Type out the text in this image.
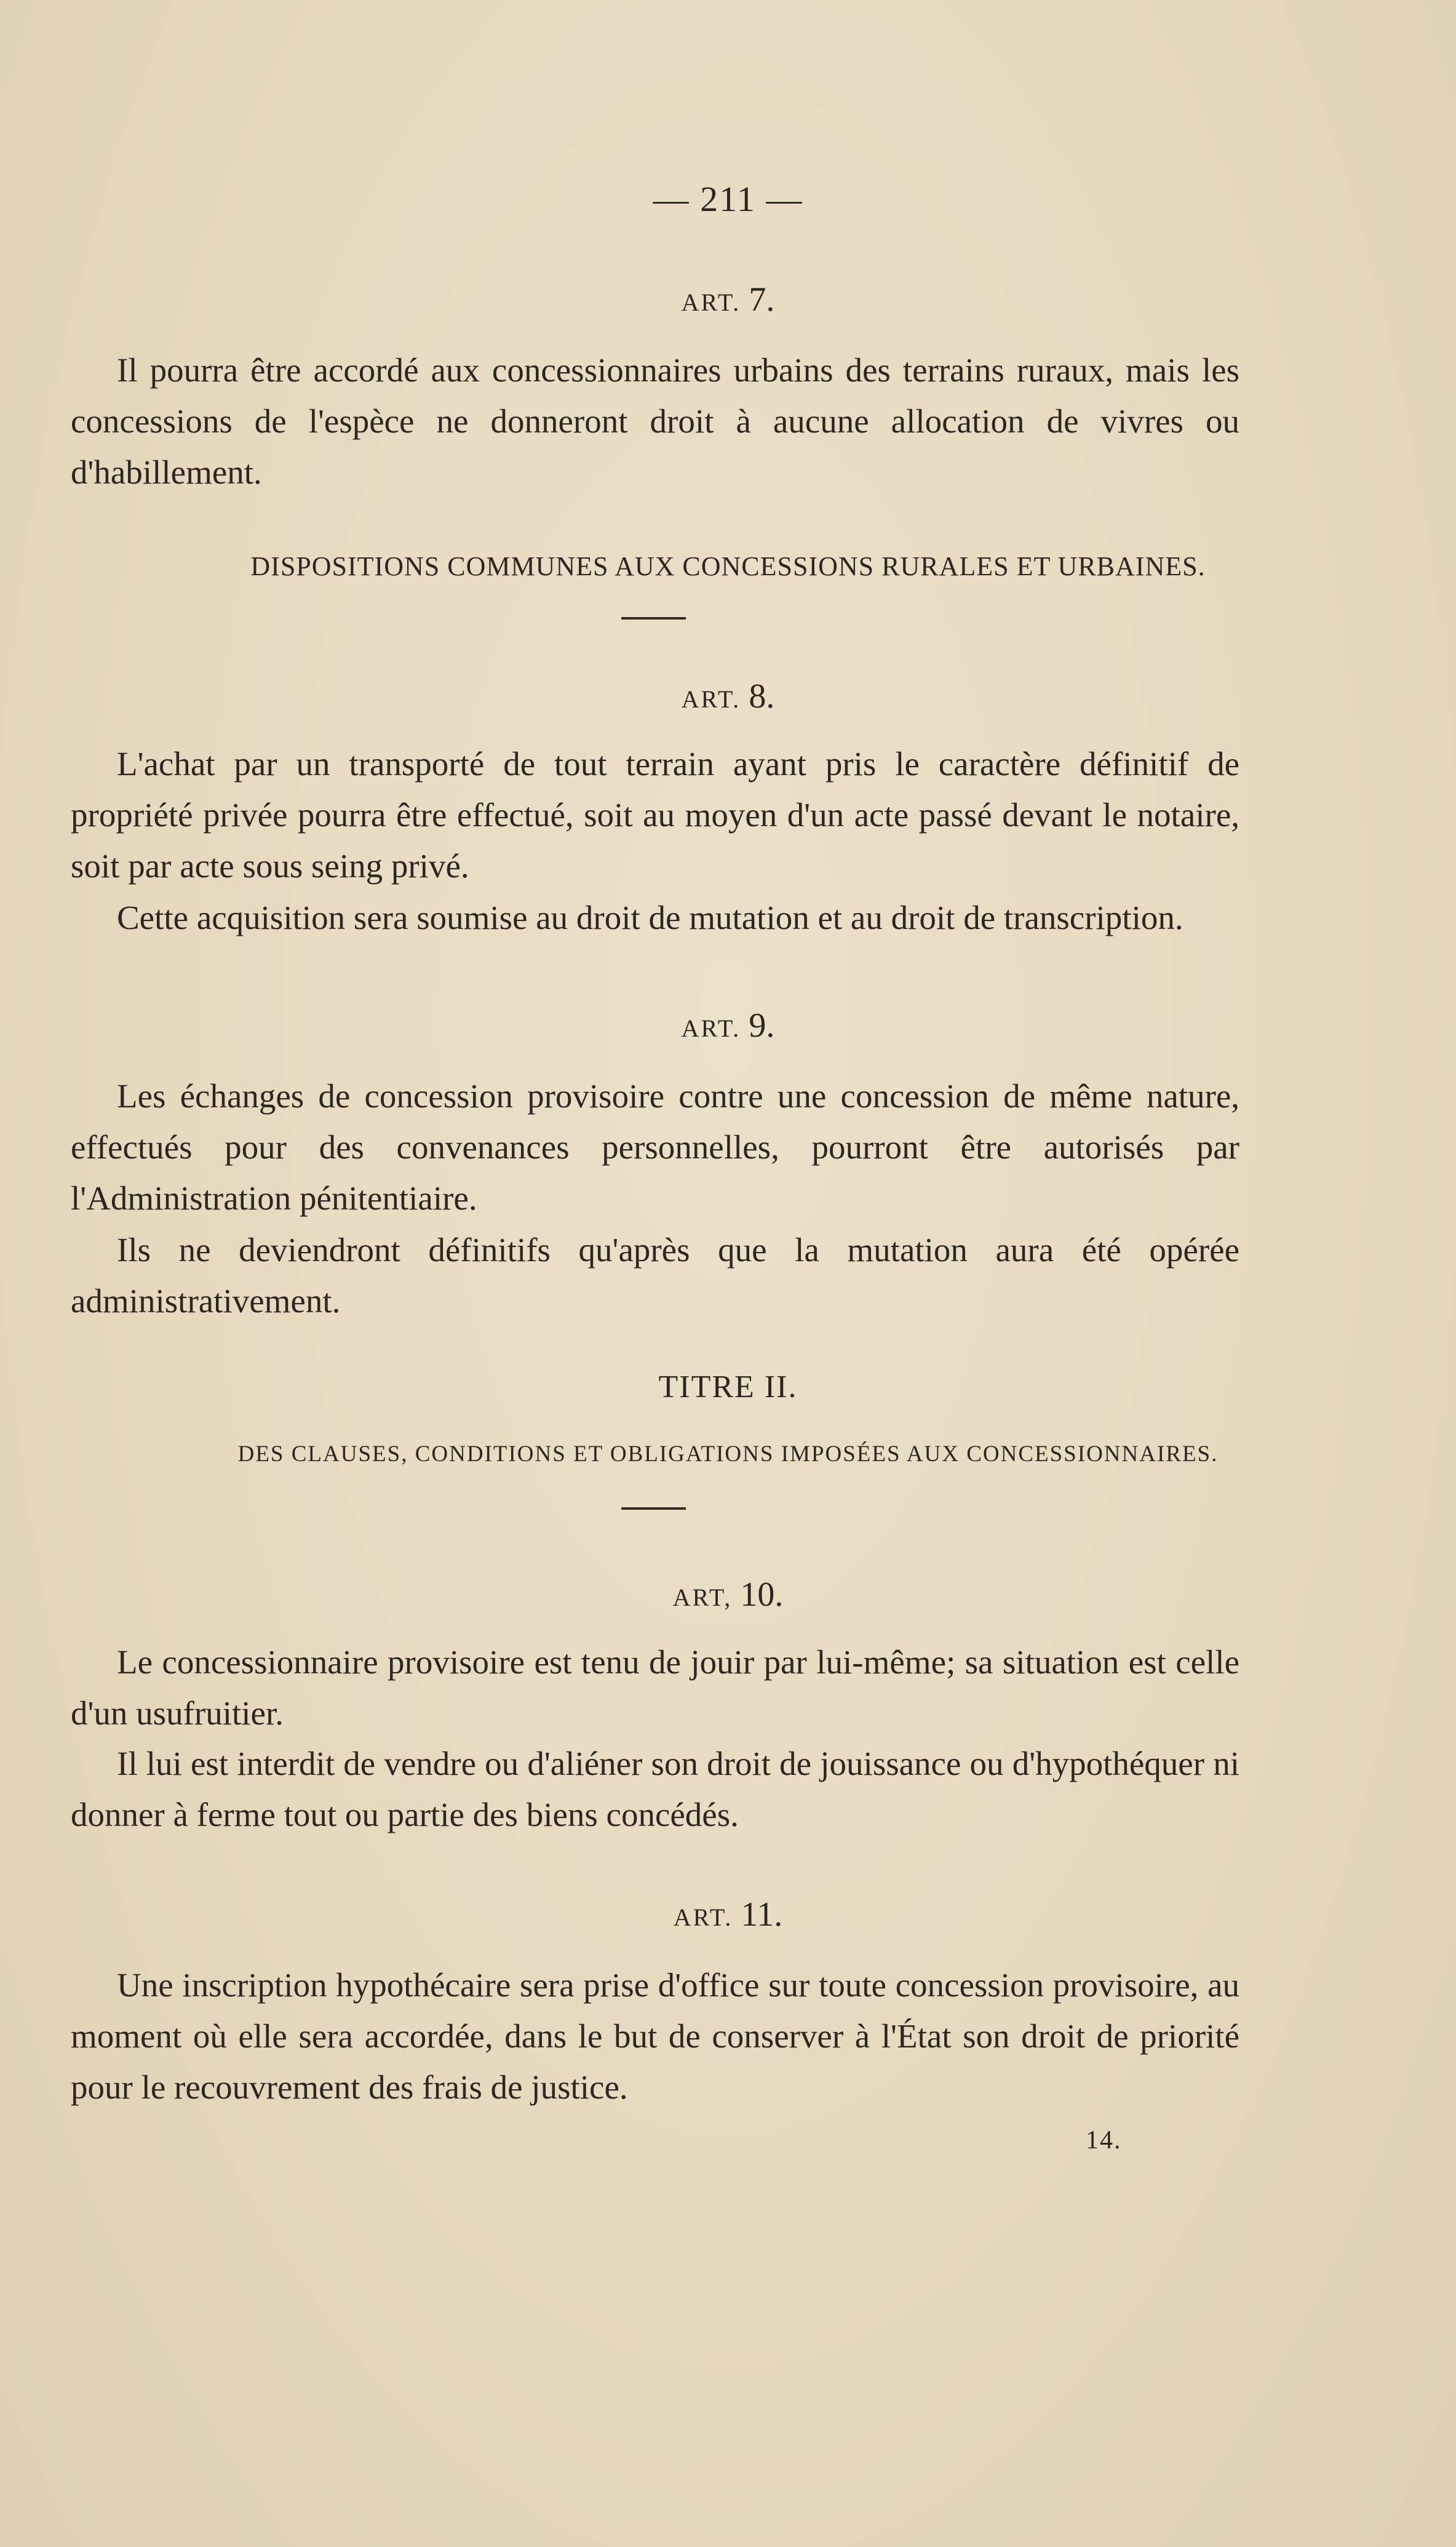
— 211 —
ART. 7.
Il pourra être accordé aux concessionnaires urbains des terrains ruraux, mais les concessions de l'espèce ne donneront droit à aucune allocation de vivres ou d'habillement.
DISPOSITIONS COMMUNES AUX CONCESSIONS RURALES ET URBAINES.
ART. 8.
L'achat par un transporté de tout terrain ayant pris le caractère définitif de propriété privée pourra être effectué, soit au moyen d'un acte passé devant le notaire, soit par acte sous seing privé.
Cette acquisition sera soumise au droit de mutation et au droit de transcription.
ART. 9.
Les échanges de concession provisoire contre une concession de même nature, effectués pour des convenances personnelles, pourront être autorisés par l'Administration pénitentiaire.
Ils ne deviendront définitifs qu'après que la mutation aura été opérée administrativement.
TITRE II.
DES CLAUSES, CONDITIONS ET OBLIGATIONS IMPOSÉES AUX CONCESSIONNAIRES.
ART, 10.
Le concessionnaire provisoire est tenu de jouir par lui-même; sa situation est celle d'un usufruitier.
Il lui est interdit de vendre ou d'aliéner son droit de jouissance ou d'hypothéquer ni donner à ferme tout ou partie des biens concédés.
ART. 11.
Une inscription hypothécaire sera prise d'office sur toute concession provisoire, au moment où elle sera accordée, dans le but de conserver à l'État son droit de priorité pour le recouvrement des frais de justice.
14.
